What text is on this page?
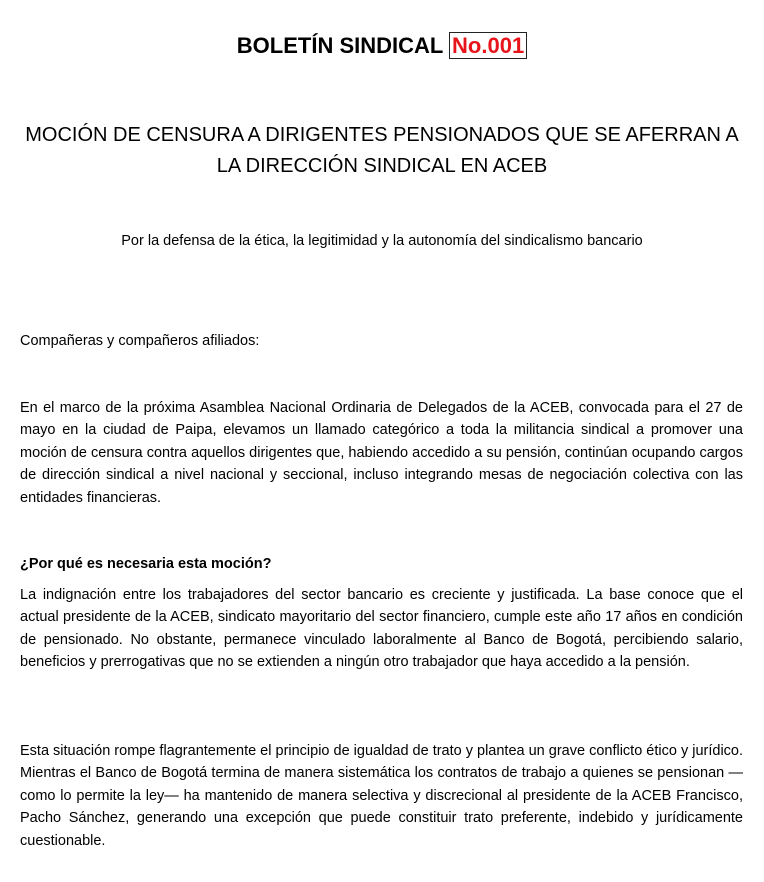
BOLETÍN SINDICAL No.001
MOCIÓN DE CENSURA A DIRIGENTES PENSIONADOS QUE SE AFERRAN A LA DIRECCIÓN SINDICAL EN ACEB
Por la defensa de la ética, la legitimidad y la autonomía del sindicalismo bancario
Compañeras y compañeros afiliados:

En el marco de la próxima Asamblea Nacional Ordinaria de Delegados de la ACEB, convocada para el 27 de mayo en la ciudad de Paipa, elevamos un llamado categórico a toda la militancia sindical a promover una moción de censura contra aquellos dirigentes que, habiendo accedido a su pensión, continúan ocupando cargos de dirección sindical a nivel nacional y seccional, incluso integrando mesas de negociación colectiva con las entidades financieras.

¿Por qué es necesaria esta moción?

La indignación entre los trabajadores del sector bancario es creciente y justificada. La base conoce que el actual presidente de la ACEB, sindicato mayoritario del sector financiero, cumple este año 17 años en condición de pensionado. No obstante, permanece vinculado laboralmente al Banco de Bogotá, percibiendo salario, beneficios y prerrogativas que no se extienden a ningún otro trabajador que haya accedido a la pensión.

Esta situación rompe flagrantemente el principio de igualdad de trato y plantea un grave conflicto ético y jurídico. Mientras el Banco de Bogotá termina de manera sistemática los contratos de trabajo a quienes se pensionan —como lo permite la ley— ha mantenido de manera selectiva y discrecional al presidente de la ACEB Francisco, Pacho Sánchez, generando una excepción que puede constituir trato preferente, indebido y jurídicamente cuestionable.
